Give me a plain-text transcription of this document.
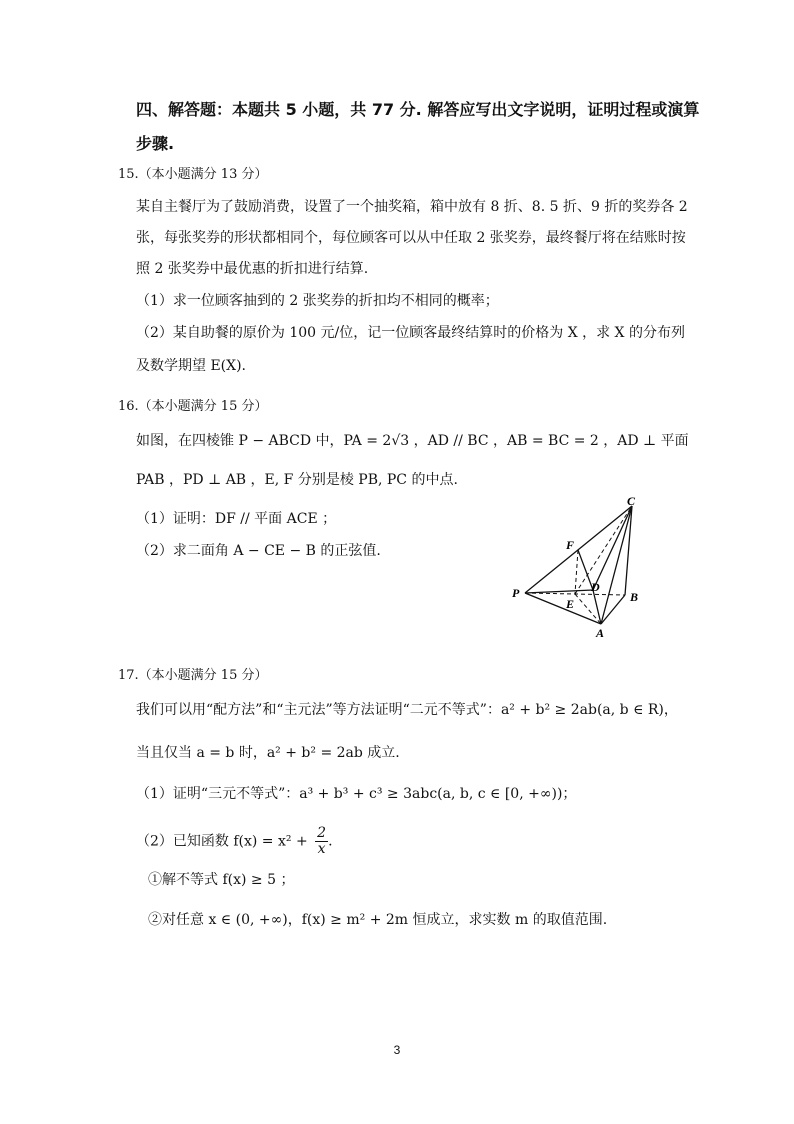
四、解答题：本题共 5 小题，共 77 分. 解答应写出文字说明，证明过程或演算
步骤.
15.（本小题满分 13 分）
某自主餐厅为了鼓励消费，设置了一个抽奖箱，箱中放有 8 折、8. 5 折、9 折的奖券各 2
张，每张奖券的形状都相同个，每位顾客可以从中任取 2 张奖券，最终餐厅将在结账时按
照 2 张奖券中最优惠的折扣进行结算.
（1）求一位顾客抽到的 2 张奖券的折扣均不相同的概率；
（2）某自助餐的原价为 100 元/位，记一位顾客最终结算时的价格为 X ，求 X 的分布列
及数学期望 E(X).
16.（本小题满分 15 分）
如图，在四棱锥 P − ABCD 中，PA = 2√3 ，AD // BC ，AB = BC = 2 ，AD ⊥ 平面
PAB ，PD ⊥ AB ，E, F 分别是棱 PB, PC 的中点.
（1）证明：DF // 平面 ACE ；
（2）求二面角 A − CE − B 的正弦值.
C
F
D
P
E	B
A
17.（本小题满分 15 分）
我们可以用“配方法”和“主元法”等方法证明“二元不等式”：a² + b² ≥ 2ab(a, b ∈ R)，
当且仅当 a = b 时，a² + b² = 2ab 成立.
（1）证明“三元不等式”：a³ + b³ + c³ ≥ 3abc(a, b, c ∈ [0, +∞))；
（2）已知函数 $f(x) = x^2 + \frac{2}{x}$ .
①解不等式 f(x) ≥ 5 ；
②对任意 x ∈ (0, +∞)，f(x) ≥ m² + 2m 恒成立，求实数 m 的取值范围.
3
